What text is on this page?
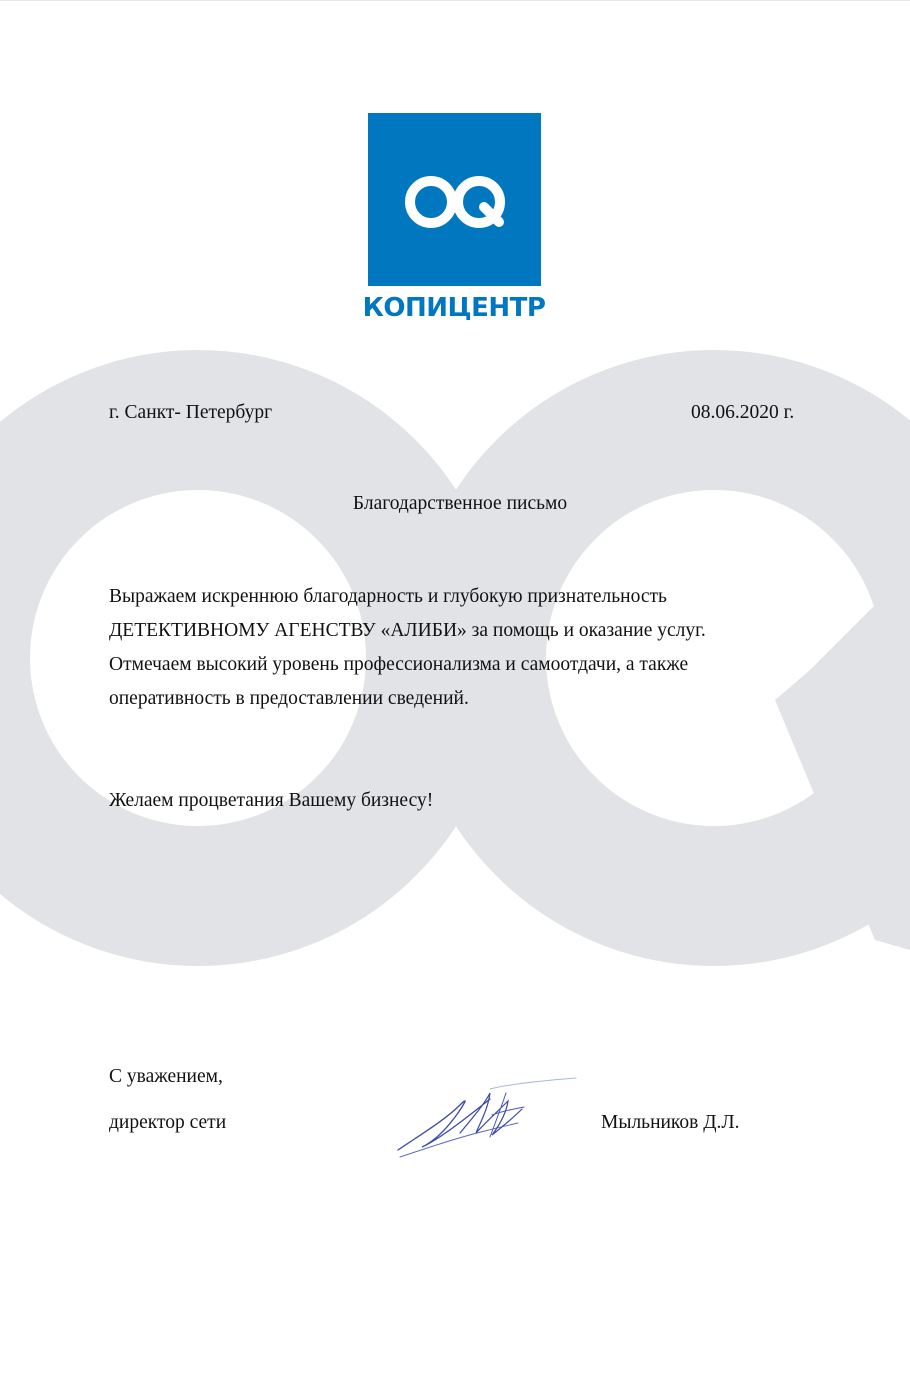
КОПИЦЕНТР
г. Санкт- Петербург	08.06.2020 г.
Благодарственное письмо
Выражаем искреннюю благодарность и глубокую признательность
ДЕТЕКТИВНОМУ АГЕНСТВУ «АЛИБИ» за помощь и оказание услуг.
Отмечаем высокий уровень профессионализма и самоотдачи, а также
оперативность в предоставлении сведений.
Желаем процветания Вашему бизнесу!
С уважением,
директор сети	Мыльников Д.Л.
